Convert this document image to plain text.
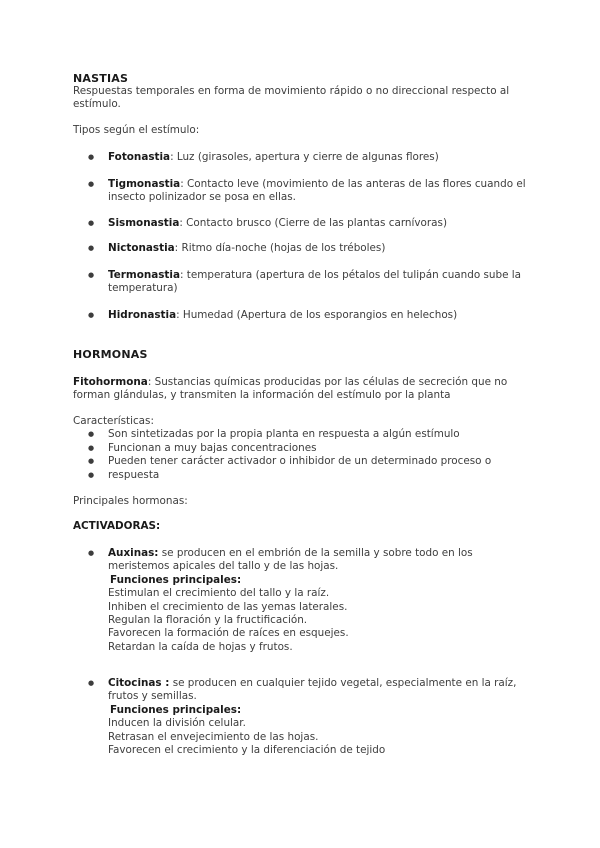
NASTIAS
Respuestas temporales en forma de movimiento rápido o no direccional respecto al
estímulo.

Tipos según el estímulo:

● Fotonastia: Luz (girasoles, apertura y cierre de algunas flores)
● Tigmonastia: Contacto leve (movimiento de las anteras de las flores cuando el
insecto polinizador se posa en ellas.
● Sismonastia: Contacto brusco (Cierre de las plantas carnívoras)
● Nictonastia: Ritmo día-noche (hojas de los tréboles)
● Termonastia: temperatura (apertura de los pétalos del tulipán cuando sube la
temperatura)
● Hidronastia: Humedad (Apertura de los esporangios en helechos)
HORMONAS
Fitohormona: Sustancias químicas producidas por las células de secreción que no
forman glándulas, y transmiten la información del estímulo por la planta

Características:

● Son sintetizadas por la propia planta en respuesta a algún estímulo
● Funcionan a muy bajas concentraciones
● Pueden tener carácter activador o inhibidor de un determinado proceso o
● respuesta

Principales hormonas:

ACTIVADORAS:

● Auxinas: se producen en el embrión de la semilla y sobre todo en los
meristemos apicales del tallo y de las hojas.
Funciones principales:
Estimulan el crecimiento del tallo y la raíz.
Inhiben el crecimiento de las yemas laterales.
Regulan la floración y la fructificación.
Favorecen la formación de raíces en esquejes.
Retardan la caída de hojas y frutos.
● Citocinas : se producen en cualquier tejido vegetal, especialmente en la raíz,
frutos y semillas.
Funciones principales:
Inducen la división celular.
Retrasan el envejecimiento de las hojas.
Favorecen el crecimiento y la diferenciación de tejido
